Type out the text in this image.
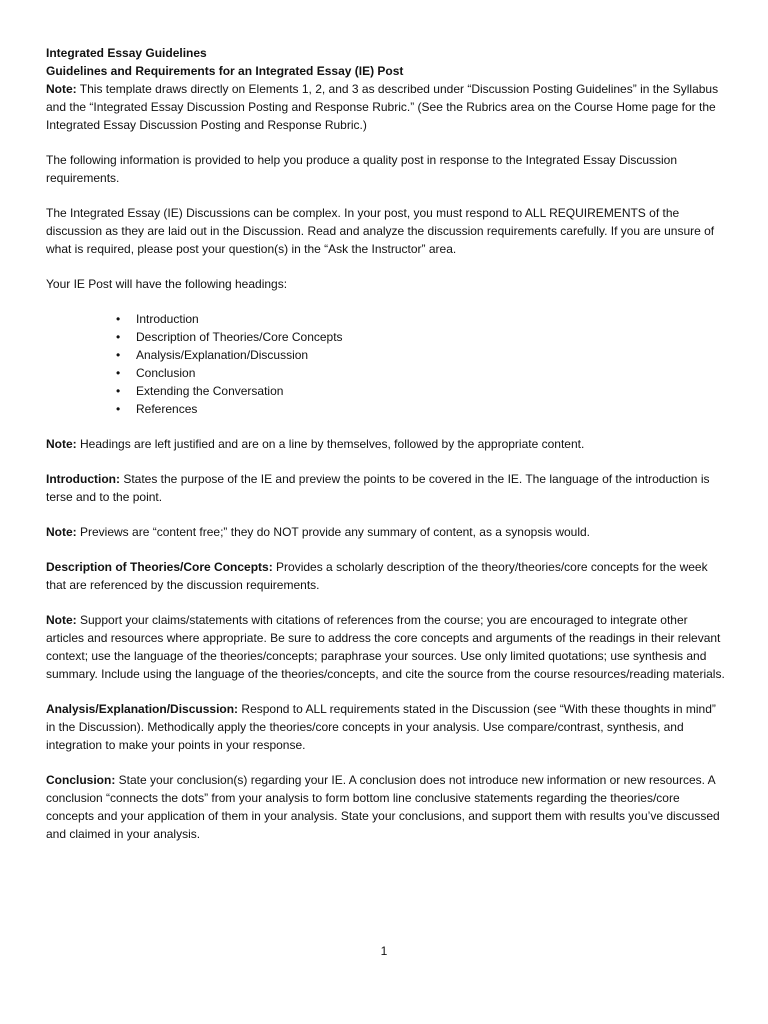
Integrated Essay Guidelines

Guidelines and Requirements for an Integrated Essay (IE) Post

Note: This template draws directly on Elements 1, 2, and 3 as described under “Discussion Posting Guidelines” in the Syllabus and the “Integrated Essay Discussion Posting and Response Rubric.” (See the Rubrics area on the Course Home page for the Integrated Essay Discussion Posting and Response Rubric.)

The following information is provided to help you produce a quality post in response to the Integrated Essay Discussion requirements.

The Integrated Essay (IE) Discussions can be complex. In your post, you must respond to ALL REQUIREMENTS of the discussion as they are laid out in the Discussion. Read and analyze the discussion requirements carefully. If you are unsure of what is required, please post your question(s) in the “Ask the Instructor” area.

Your IE Post will have the following headings:

• Introduction
• Description of Theories/Core Concepts
• Analysis/Explanation/Discussion
• Conclusion
• Extending the Conversation
• References

Note: Headings are left justified and are on a line by themselves, followed by the appropriate content.

Introduction: States the purpose of the IE and preview the points to be covered in the IE. The language of the introduction is terse and to the point.

Note: Previews are “content free;” they do NOT provide any summary of content, as a synopsis would.

Description of Theories/Core Concepts: Provides a scholarly description of the theory/theories/core concepts for the week that are referenced by the discussion requirements.

Note: Support your claims/statements with citations of references from the course; you are encouraged to integrate other articles and resources where appropriate. Be sure to address the core concepts and arguments of the readings in their relevant context; use the language of the theories/concepts; paraphrase your sources. Use only limited quotations; use synthesis and summary. Include using the language of the theories/concepts, and cite the source from the course resources/reading materials.

Analysis/Explanation/Discussion: Respond to ALL requirements stated in the Discussion (see “With these thoughts in mind” in the Discussion). Methodically apply the theories/core concepts in your analysis. Use compare/contrast, synthesis, and integration to make your points in your response.

Conclusion: State your conclusion(s) regarding your IE. A conclusion does not introduce new information or new resources. A conclusion “connects the dots” from your analysis to form bottom line conclusive statements regarding the theories/core concepts and your application of them in your analysis. State your conclusions, and support them with results you’ve discussed and claimed in your analysis.

1
